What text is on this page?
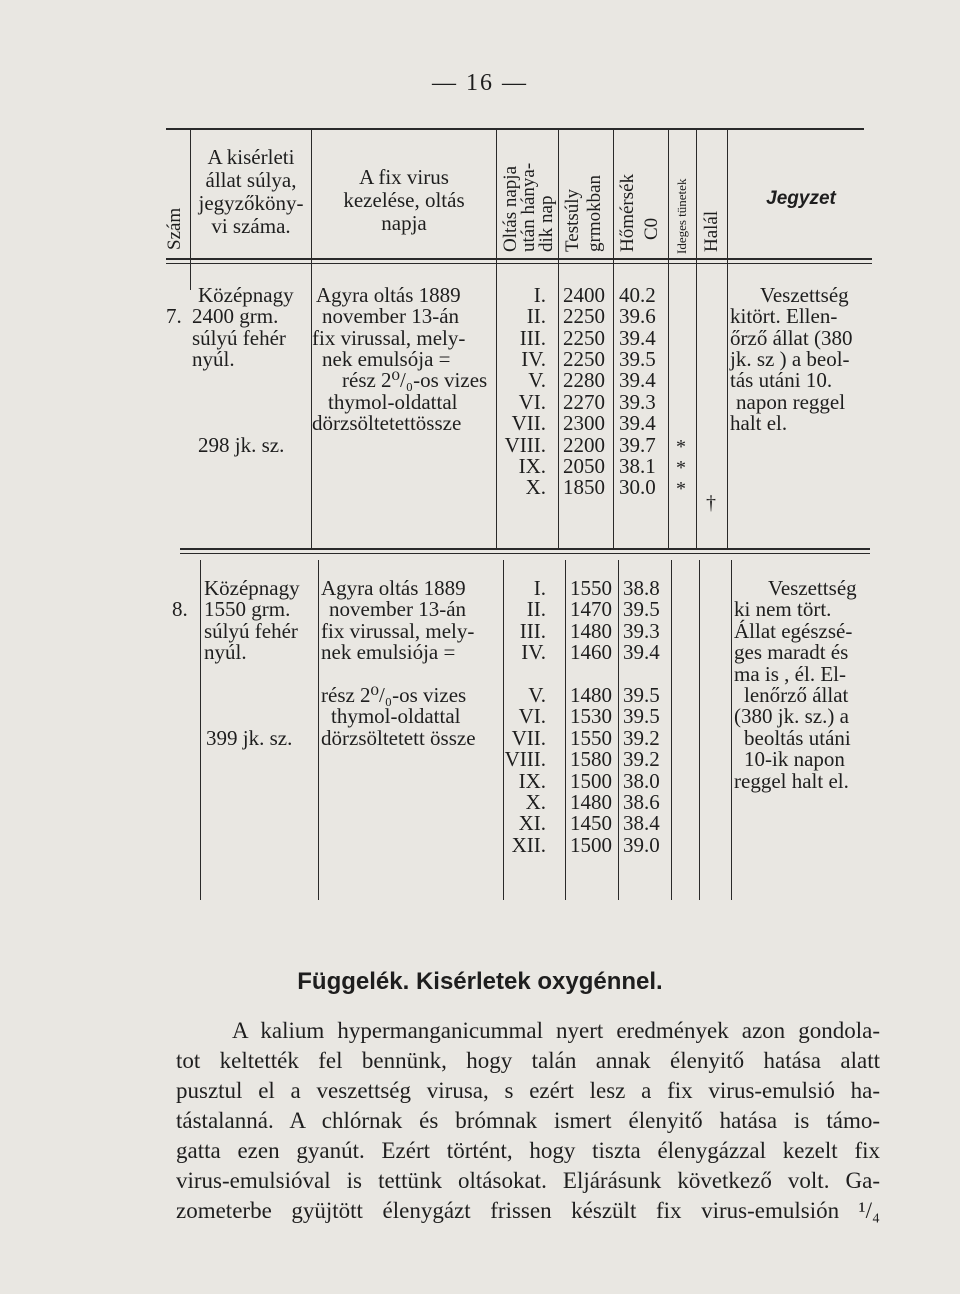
— 16 —
Szám
A kisérleti
állat súlya,
jegyzőköny-
vi száma.
A fix virus
kezelése, oltás
napja	Oltás napja
után hánya-
dik nap Testsúly grmokban Hőmérsék C0 Ideges tünetek Halál
Jegyzet
7.
Középnagy
2400 grm.
súlyú fehér
nyúl.
298 jk. sz.
Agyra oltás 1889
november 13-án
fix virussal, mely-
nek emulsója =
rész 2⁰/₀-os vizes
thymol-oldattal
dörzsöltetettössze
I.
II.
III.
IV.
V.
VI.
VII.
VIII.
IX.
X.
2400
2250
2250
2250
2280
2270
2300
2200
2050
1850
40.2
39.6
39.4
39.5
39.4
39.3
39.4
39.7
38.1
30.0
*
*
*
†
Veszettség
kitört. Ellen-
őrző állat (380
jk. sz ) a beol-
tás utáni 10.
napon reggel
halt el.
8.
Középnagy
1550 grm.
súlyú fehér
nyúl.
399 jk. sz.
Agyra oltás 1889
november 13-án
fix virussal, mely-
nek emulsiója =
rész 2⁰/₀-os vizes
thymol-oldattal
dörzsöltetett össze
I.
II.
III.
IV.
V.
VI.
VII.
VIII.
IX.
X.
XI.
XII.
1550
1470
1480
1460
1480
1530
1550
1580
1500
1480
1450
1500
38.8
39.5
39.3
39.4
39.5
39.5
39.2
39.2
38.0
38.6
38.4
39.0
Veszettség
ki nem tört.
Állat egészsé-
ges maradt és
ma is , él. El-
lenőrző állat
(380 jk. sz.) a
beoltás utáni
10-ik napon
reggel halt el.
Függelék. Kisérletek oxygénnel.
A kalium hypermanganicummal nyert eredmények azon gondola-
tot keltették fel bennünk, hogy talán annak élenyitő hatása alatt
pusztul el a veszettség virusa, s ezért lesz a fix virus-emulsió ha-
tástalanná. A chlórnak és brómnak ismert élenyitő hatása is támo-
gatta ezen gyanút. Ezért történt, hogy tiszta élenygázzal kezelt fix
virus-emulsióval is tettünk oltásokat. Eljárásunk következő volt. Ga-
zometerbe gyüjtött élenygázt frissen készült fix virus-emulsión ¹/₄
